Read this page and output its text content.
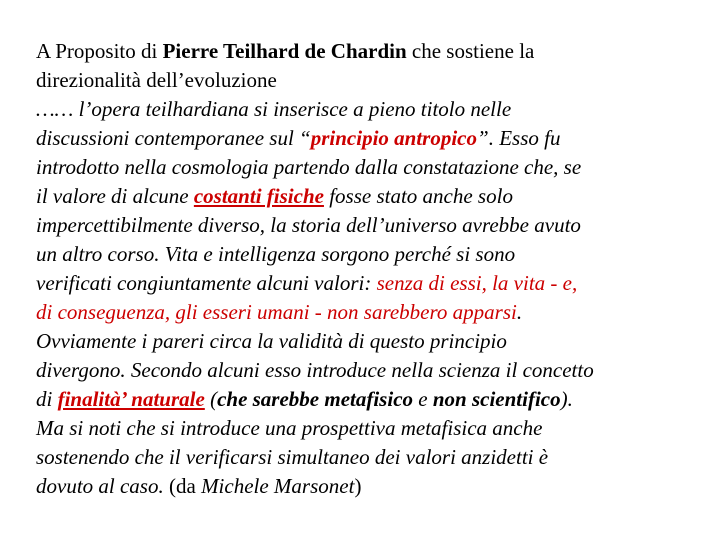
A Proposito di Pierre Teilhard de Chardin che sostiene la
direzionalità dell’evoluzione
…… l’opera teilhardiana si inserisce a pieno titolo nelle
discussioni contemporanee sul “principio antropico”. Esso fu
introdotto nella cosmologia partendo dalla constatazione che, se
il valore di alcune costanti fisiche fosse stato anche solo
impercettibilmente diverso, la storia dell’universo avrebbe avuto
un altro corso. Vita e intelligenza sorgono perché si sono
verificati congiuntamente alcuni valori: senza di essi, la vita - e,
di conseguenza, gli esseri umani - non sarebbero apparsi.
Ovviamente i pareri circa la validità di questo principio
divergono. Secondo alcuni esso introduce nella scienza il concetto
di finalità’ naturale (che sarebbe metafisico e non scientifico).
Ma si noti che si introduce una prospettiva metafisica anche
sostenendo che il verificarsi simultaneo dei valori anzidetti è
dovuto al caso. (da Michele Marsonet)
